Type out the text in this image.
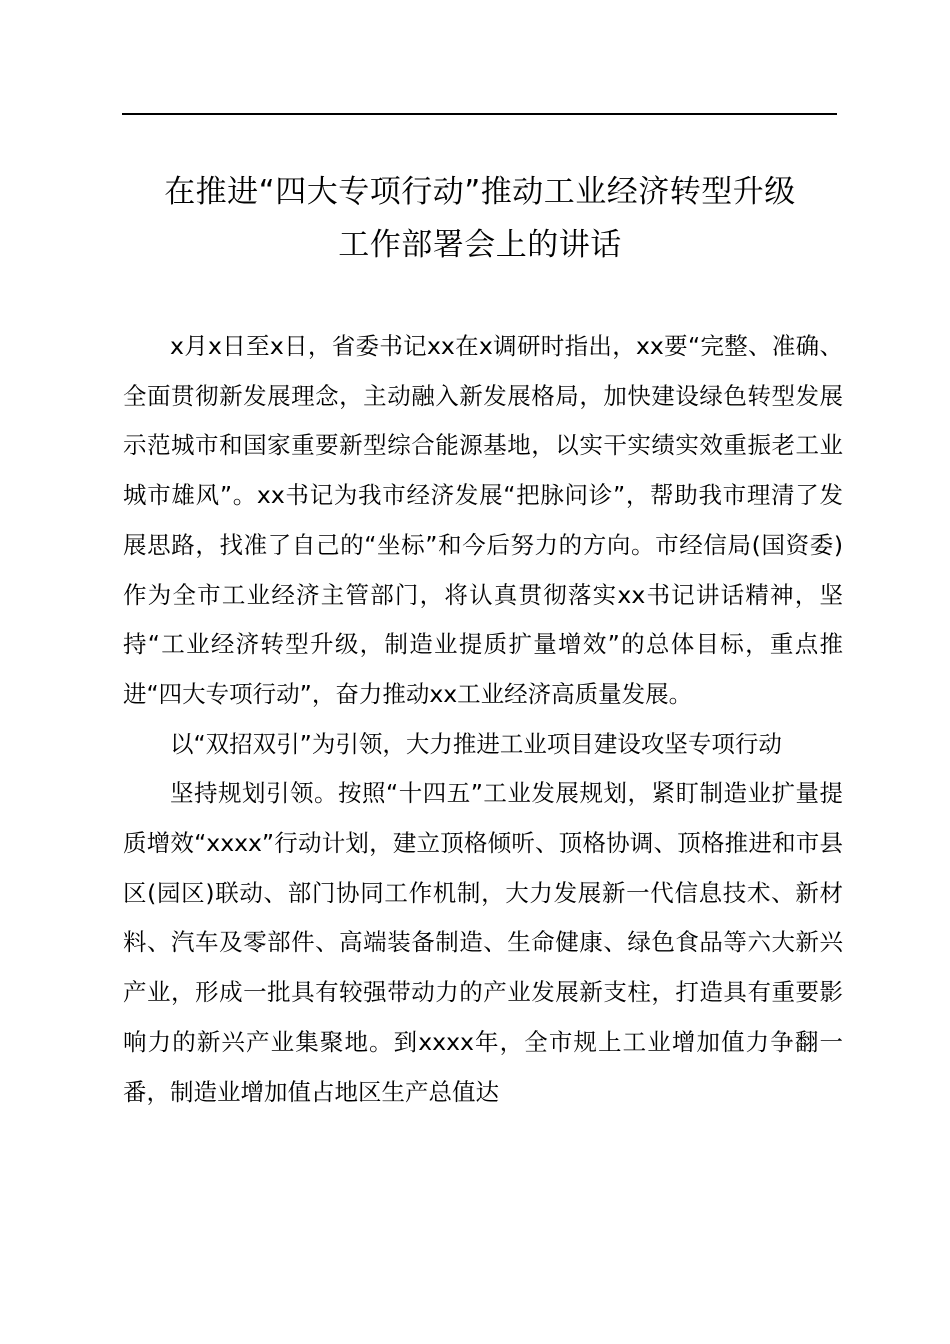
在推进“四大专项行动”推动工业经济转型升级
工作部署会上的讲话

x月x日至x日，省委书记xx在x调研时指出，xx要“完整、准确、全面贯彻新发展理念，主动融入新发展格局，加快建设绿色转型发展示范城市和国家重要新型综合能源基地，以实干实绩实效重振老工业城市雄风”。xx书记为我市经济发展“把脉问诊”，帮助我市理清了发展思路，找准了自己的“坐标”和今后努力的方向。市经信局(国资委)作为全市工业经济主管部门，将认真贯彻落实xx书记讲话精神，坚持“工业经济转型升级，制造业提质扩量增效”的总体目标，重点推进“四大专项行动”，奋力推动xx工业经济高质量发展。

以“双招双引”为引领，大力推进工业项目建设攻坚专项行动

坚持规划引领。按照“十四五”工业发展规划，紧盯制造业扩量提质增效“xxxx”行动计划，建立顶格倾听、顶格协调、顶格推进和市县区(园区)联动、部门协同工作机制，大力发展新一代信息技术、新材料、汽车及零部件、高端装备制造、生命健康、绿色食品等六大新兴产业，形成一批具有较强带动力的产业发展新支柱，打造具有重要影响力的新兴产业集聚地。到xxxx年，全市规上工业增加值力争翻一番，制造业增加值占地区生产总值达
